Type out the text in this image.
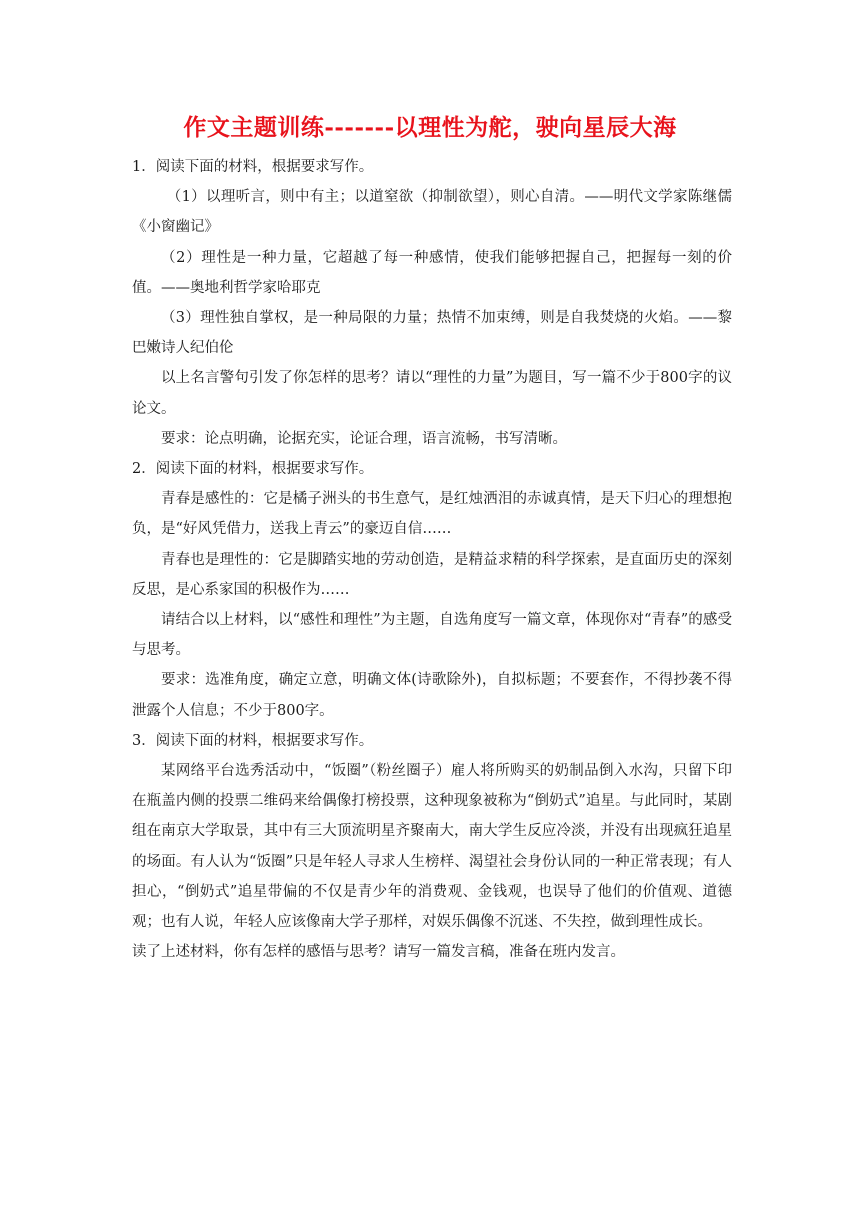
作文主题训练-------以理性为舵，驶向星辰大海

1．阅读下面的材料，根据要求写作。

（1）以理听言，则中有主；以道窒欲（抑制欲望），则心自清。——明代文学家陈继儒《小窗幽记》

（2）理性是一种力量，它超越了每一种感情，使我们能够把握自己，把握每一刻的价值。——奥地利哲学家哈耶克

（3）理性独自掌权，是一种局限的力量；热情不加束缚，则是自我焚烧的火焰。——黎巴嫩诗人纪伯伦

以上名言警句引发了你怎样的思考？请以“理性的力量”为题目，写一篇不少于800字的议论文。

要求：论点明确，论据充实，论证合理，语言流畅，书写清晰。

2．阅读下面的材料，根据要求写作。

青春是感性的：它是橘子洲头的书生意气，是红烛洒泪的赤诚真情，是天下归心的理想抱负，是“好风凭借力，送我上青云”的豪迈自信……

青春也是理性的：它是脚踏实地的劳动创造，是精益求精的科学探索，是直面历史的深刻反思，是心系家国的积极作为……

请结合以上材料，以“感性和理性”为主题，自选角度写一篇文章，体现你对“青春”的感受与思考。

要求：选准角度，确定立意，明确文体(诗歌除外)，自拟标题；不要套作，不得抄袭不得泄露个人信息；不少于800字。

3．阅读下面的材料，根据要求写作。

某网络平台选秀活动中，“饭圈”（粉丝圈子）雇人将所购买的奶制品倒入水沟，只留下印在瓶盖内侧的投票二维码来给偶像打榜投票，这种现象被称为“倒奶式”追星。与此同时，某剧组在南京大学取景，其中有三大顶流明星齐聚南大，南大学生反应冷淡，并没有出现疯狂追星的场面。有人认为“饭圈”只是年轻人寻求人生榜样、渴望社会身份认同的一种正常表现；有人担心，“倒奶式”追星带偏的不仅是青少年的消费观、金钱观，也误导了他们的价值观、道德观；也有人说，年轻人应该像南大学子那样，对娱乐偶像不沉迷、不失控，做到理性成长。

读了上述材料，你有怎样的感悟与思考？请写一篇发言稿，准备在班内发言。
